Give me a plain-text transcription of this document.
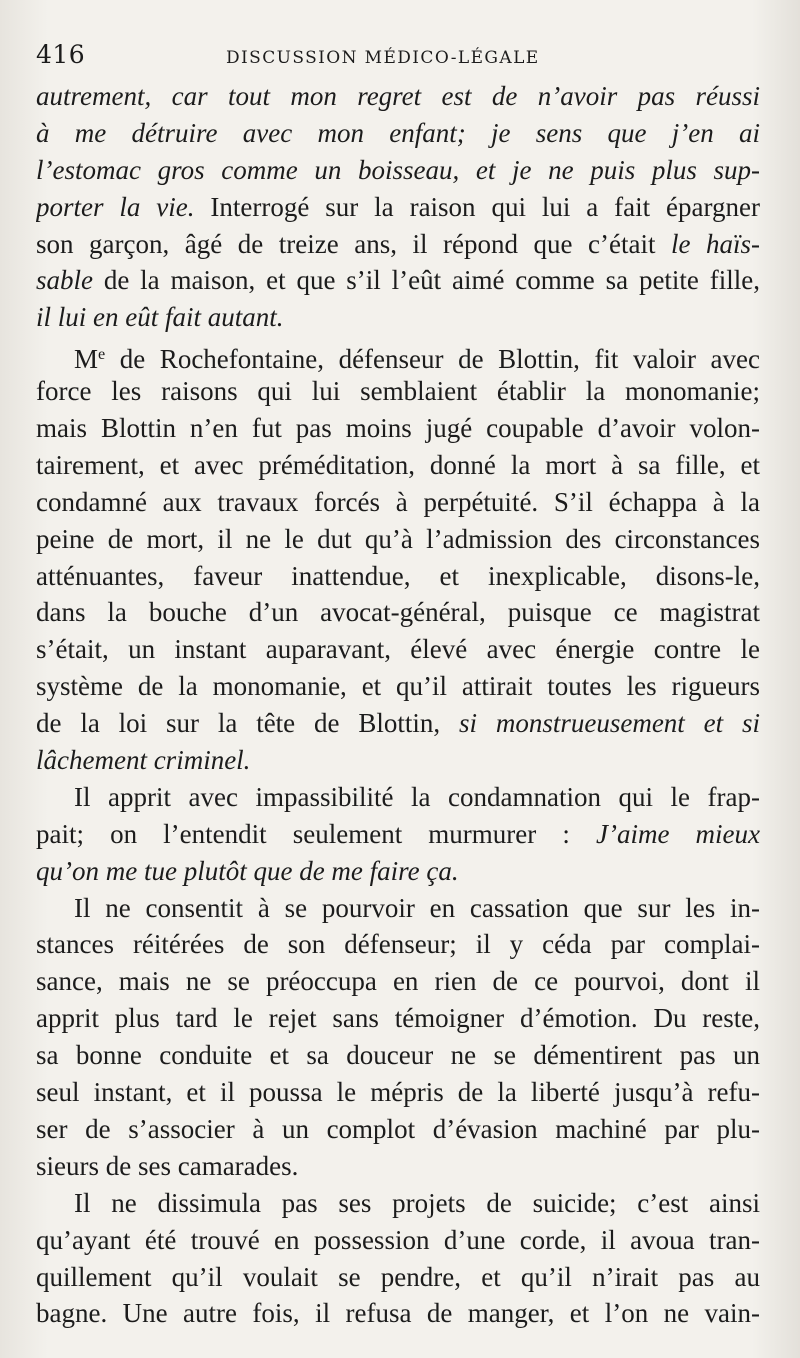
416	DISCUSSION MÉDICO-LÉGALE
autrement, car tout mon regret est de n’avoir pas réussi
à me détruire avec mon enfant; je sens que j’en ai
l’estomac gros comme un boisseau, et je ne puis plus sup-
porter la vie. Interrogé sur la raison qui lui a fait épargner
son garçon, âgé de treize ans, il répond que c’était le haïs-
sable de la maison, et que s’il l’eût aimé comme sa petite fille,
il lui en eût fait autant.
Me de Rochefontaine, défenseur de Blottin, fit valoir avec
force les raisons qui lui semblaient établir la monomanie;
mais Blottin n’en fut pas moins jugé coupable d’avoir volon-
tairement, et avec préméditation, donné la mort à sa fille, et
condamné aux travaux forcés à perpétuité. S’il échappa à la
peine de mort, il ne le dut qu’à l’admission des circonstances
atténuantes, faveur inattendue, et inexplicable, disons-le,
dans la bouche d’un avocat-général, puisque ce magistrat
s’était, un instant auparavant, élevé avec énergie contre le
système de la monomanie, et qu’il attirait toutes les rigueurs
de la loi sur la tête de Blottin, si monstrueusement et si
lâchement criminel.
Il apprit avec impassibilité la condamnation qui le frap-
pait; on l’entendit seulement murmurer : J’aime mieux
qu’on me tue plutôt que de me faire ça.
Il ne consentit à se pourvoir en cassation que sur les in-
stances réitérées de son défenseur; il y céda par complai-
sance, mais ne se préoccupa en rien de ce pourvoi, dont il
apprit plus tard le rejet sans témoigner d’émotion. Du reste,
sa bonne conduite et sa douceur ne se démentirent pas un
seul instant, et il poussa le mépris de la liberté jusqu’à refu-
ser de s’associer à un complot d’évasion machiné par plu-
sieurs de ses camarades.
Il ne dissimula pas ses projets de suicide; c’est ainsi
qu’ayant été trouvé en possession d’une corde, il avoua tran-
quillement qu’il voulait se pendre, et qu’il n’irait pas au
bagne. Une autre fois, il refusa de manger, et l’on ne vain-
